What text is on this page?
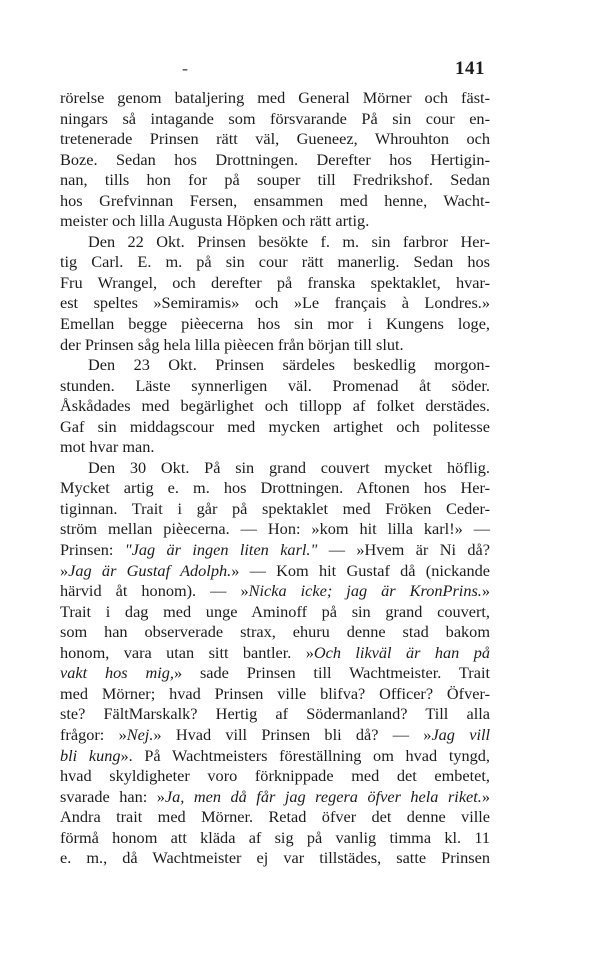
-	141
rörelse genom bataljering med General Mörner och fäst-
ningars så intagande som försvarande På sin cour en-
tretenerade Prinsen rätt väl, Gueneez, Whrouhton och
Boze. Sedan hos Drottningen. Derefter hos Hertigin-
nan, tills hon for på souper till Fredrikshof. Sedan
hos Grefvinnan Fersen, ensammen med henne, Wacht-
meister och lilla Augusta Höpken och rätt artig.
Den 22 Okt. Prinsen besökte f. m. sin farbror Her-
tig Carl. E. m. på sin cour rätt manerlig. Sedan hos
Fru Wrangel, och derefter på franska spektaklet, hvar-
est speltes »Semiramis» och »Le français à Londres.»
Emellan begge pièecerna hos sin mor i Kungens loge,
der Prinsen såg hela lilla pièecen från början till slut.
Den 23 Okt. Prinsen särdeles beskedlig morgon-
stunden. Läste synnerligen väl. Promenad åt söder.
Åskådades med begärlighet och tillopp af folket derstädes.
Gaf sin middagscour med mycken artighet och politesse
mot hvar man.
Den 30 Okt. På sin grand couvert mycket höflig.
Mycket artig e. m. hos Drottningen. Aftonen hos Her-
tiginnan. Trait i går på spektaklet med Fröken Ceder-
ström mellan pièecerna. — Hon: »kom hit lilla karl!» —
Prinsen: "Jag är ingen liten karl." — »Hvem är Ni då?
»Jag är Gustaf Adolph.» — Kom hit Gustaf då (nickande
härvid åt honom). — »Nicka icke; jag är KronPrins.»
Trait i dag med unge Aminoff på sin grand couvert,
som han observerade strax, ehuru denne stad bakom
honom, vara utan sitt bantler. »Och likväl är han på
vakt hos mig,» sade Prinsen till Wachtmeister. Trait
med Mörner; hvad Prinsen ville blifva? Officer? Öfver-
ste? FältMarskalk? Hertig af Södermanland? Till alla
frågor: »Nej.» Hvad vill Prinsen bli då? — »Jag vill
bli kung». På Wachtmeisters föreställning om hvad tyngd,
hvad skyldigheter voro förknippade med det embetet,
svarade han: »Ja, men då får jag regera öfver hela riket.»
Andra trait med Mörner. Retad öfver det denne ville
förmå honom att kläda af sig på vanlig timma kl. 11
e. m., då Wachtmeister ej var tillstädes, satte Prinsen
